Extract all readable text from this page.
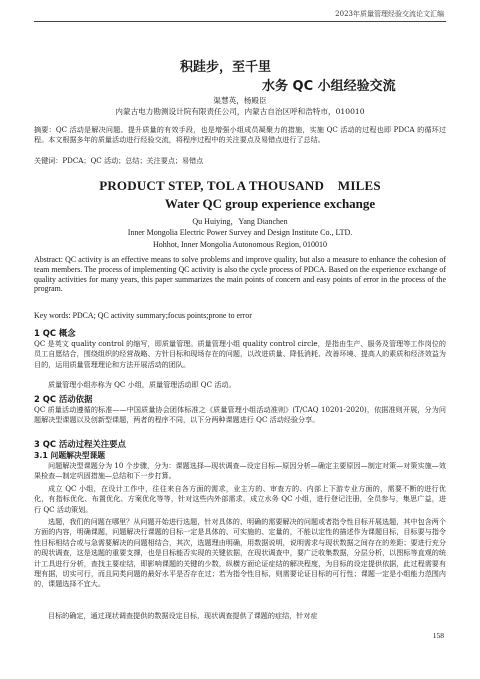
2023年质量管理经验交流论文汇编
积跬步，至千里
水务 QC 小组经验交流
渠慧英，杨殿臣
内蒙古电力勘测设计院有限责任公司，内蒙古自治区呼和浩特市，010010
摘要：QC 活动是解决问题、提升质量的有效手段，也是增强小组成员凝聚力的措施，实施 QC 活动的过程也即 PDCA 的循环过程。本文根据多年的质量活动进行经验交流，将程序过程中的关注要点及易错点进行了总结。
关键词：PDCA；QC 活动；总结；关注要点；易错点
PRODUCT STEP, TOL A THOUSAND    MILES
Water QC group experience exchange
Qu Huiying，Yang Dianchen
Inner Mongolia Electric Power Survey and Design Institute Co., LTD.
Hohhot, Inner Mongolia Autonomous Region, 010010
Abstract: QC activity is an effective means to solve problems and improve quality, but also a measure to enhance the cohesion of team members. The process of implementing QC activity is also the cycle process of PDCA. Based on the experience exchange of quality activities for many years, this paper summarizes the main points of concern and easy points of error in the process of the program.
Key words: PDCA; QC activity summary;focus points;prone to error
1 QC 概念
QC 是英文 quality control 的缩写，即质量管理。质量管理小组 quality control circle，是指由生产、服务及管理等工作岗位的员工自愿结合，围绕组织的经营战略、方针目标和现场存在的问题，以改进质量、降低消耗、改善环境、提高人的素质和经济效益为目的，运用质量管理理论和方法开展活动的团队。
质量管理小组亦称为 QC 小组，质量管理活动即 QC 活动。
2 QC 活动依据
QC 质量活动遵循的标准——中国质量协会团体标准之《质量管理小组活动准则》(T/CAQ 10201-2020)，依据准则开展，分为问题解决型课题以及创新型课题，两者的程序不同，以下分两种课题进行 QC 活动经验分享。
3 QC 活动过程关注要点
3.1 问题解决型课题
问题解决型课题分为 10 个步骤，分为：课题选择—现状调查—设定目标—原因分析—确定主要原因—制定对策—对策实施—效果检查—制定巩固措施—总结和下一步打算。
成立 QC 小组，在设计工作中，往往来自各方面的需求，业主方的、审查方的、内部上下游专业方面的，需要不断的进行优化，有指标优化、布置优化、方案优化等等，针对这些内外部需求，成立水务 QC 小组，进行登记注册，全员参与，集思广益，进行 QC 活动策划。
选题，我们的问题在哪里？从问题开始进行选题，针对具体的、明确的需要解决的问题或者指令性目标开展选题，其中包含两个方面的内容，明确课题，问题解决行课题的目标一定是具体的、可实施的、定量的，不能以定性的描述作为课题目标，目标要与指令性目标相结合或与急需要解决的问题相结合，其次，选题理由明确，用数据说明，说明需求与现状数据之间存在的差距；要进行充分的现状调查，这是选题的重要支撑，也是目标能否实现的关键依据，在现状调查中，要广泛收集数据，分层分析，以图标等直观的统计工具进行分析，查找主要症结，即影响课题的关键的少数，纵横方面论证症结的解决程度，为目标的设定提供依据，此过程需要有理有据，切实可行，而且同类问题的最好水平是否存在过；若为指令性目标，则需要论证目标的可行性；课题一定是小组能力范围内的，课题选择不宜大。
目标的确定，通过现状调查提供的数据设定目标，现状调查提供了课题的症结，针对症
158
